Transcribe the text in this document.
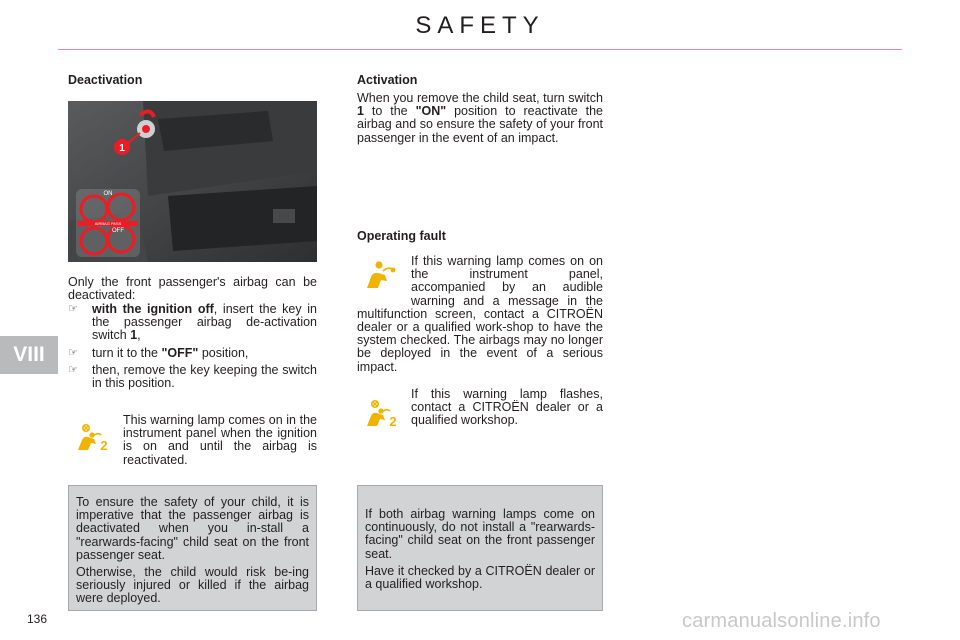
SAFETY
VIII
136	carmanualsonline.info
Deactivation
1
ON
AIRBAG PASS
OFF

Only the front passenger's airbag can be deactivated:

☞	with the ignition off, insert the key in the passenger airbag de-activation switch 1,
☞	turn it to the "OFF" position,
☞	then, remove the key keeping the switch in this position.
2

This warning lamp comes on in the instrument panel when the ignition is on and until the airbag is reactivated.

To ensure the safety of your child, it is imperative that the passenger airbag is deactivated when you in-stall a "rearwards-facing" child seat on the front passenger seat.

Otherwise, the child would risk be-ing seriously injured or killed if the airbag were deployed.

Activation

When you remove the child seat, turn switch 1 to the "ON" position to reactivate the airbag and so ensure the safety of your front passenger in the event of an impact.

Operating fault

If this warning lamp comes on on the instrument panel, accompanied by an audible warning and a message in the multifunction screen, contact a CITROËN dealer or a qualified work-shop to have the system checked. The airbags may no longer be deployed in the event of a serious impact.

2

If this warning lamp flashes, contact a CITROËN dealer or a qualified workshop.

If both airbag warning lamps come on continuously, do not install a "rearwards-facing" child seat on the front passenger seat.

Have it checked by a CITROËN dealer or a qualified workshop.
